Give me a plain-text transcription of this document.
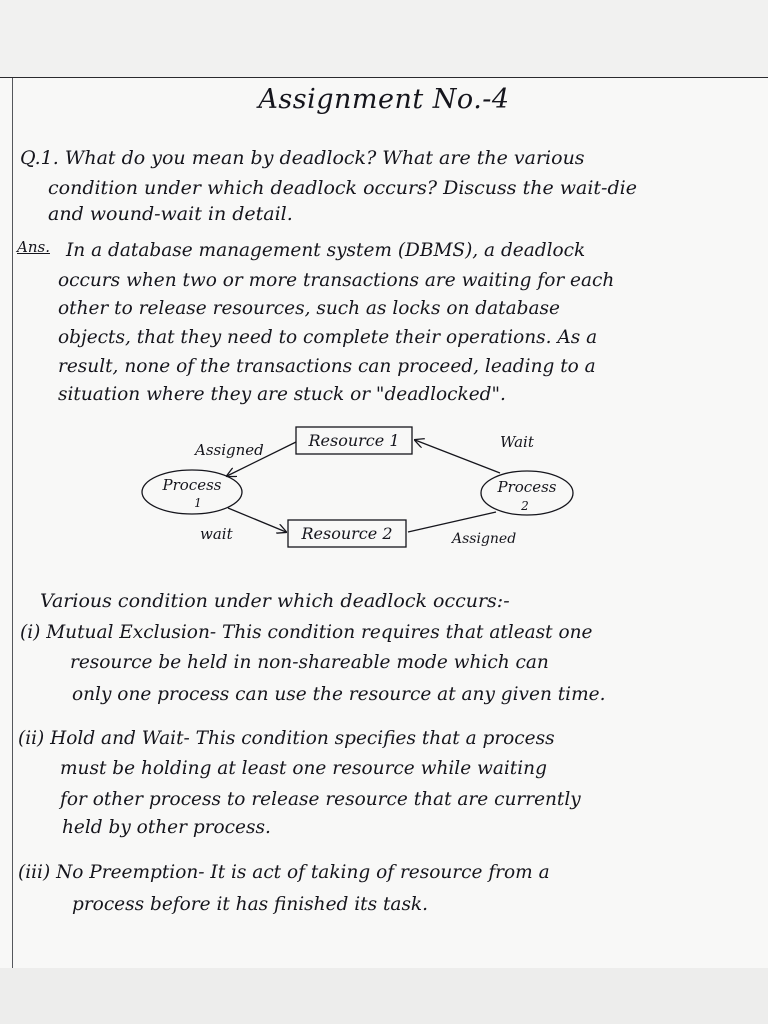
Assignment No.-4
Q.1. What do you mean by deadlock? What are the various
condition under which deadlock occurs? Discuss the wait-die
and wound-wait in detail.
Ans. In a database management system (DBMS), a deadlock
occurs when two or more transactions are waiting for each
other to release resources, such as locks on database
objects, that they need to complete their operations. As a
result, none of the transactions can proceed, leading to a
situation where they are stuck or "deadlocked".
Resource 1
Resource 2
Process
1
Process
2
Assigned	Wait
wait	Assigned
Various condition under which deadlock occurs:-
(i) Mutual Exclusion- This condition requires that atleast one
resource be held in non-shareable mode which can
only one process can use the resource at any given time.
(ii) Hold and Wait- This condition specifies that a process
must be holding at least one resource while waiting
for other process to release resource that are currently
held by other process.
(iii) No Preemption- It is act of taking of resource from a
process before it has finished its task.
